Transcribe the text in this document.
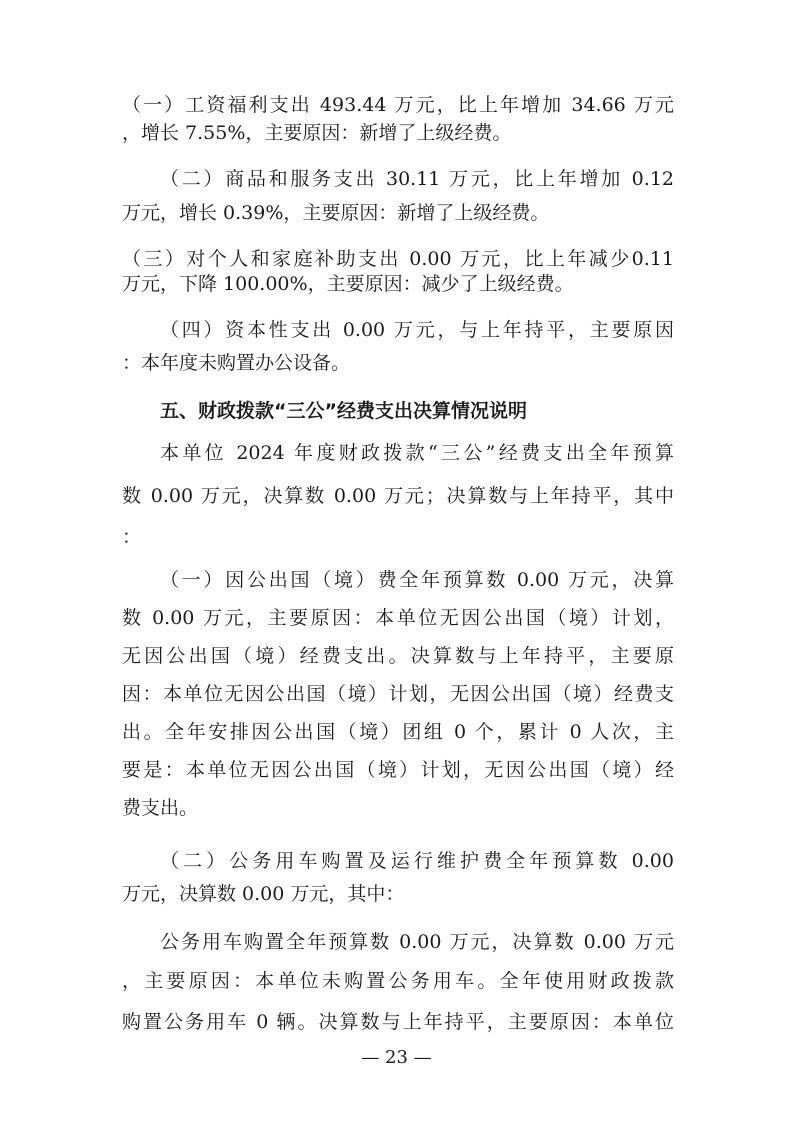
（一）工资福利支出 493.44 万元，比上年增加 34.66 万元
，增长 7.55%，主要原因：新增了上级经费。
（二）商品和服务支出 30.11 万元，比上年增加 0.12
万元，增长 0.39%，主要原因：新增了上级经费。
（三）对个人和家庭补助支出 0.00 万元，比上年减少0.11
万元，下降 100.00%，主要原因：减少了上级经费。
（四）资本性支出 0.00 万元，与上年持平，主要原因
：本年度未购置办公设备。
五、财政拨款“三公”经费支出决算情况说明
本单位 2024 年度财政拨款“三公”经费支出全年预算
数 0.00 万元，决算数 0.00 万元；决算数与上年持平，其中
：
（一）因公出国（境）费全年预算数 0.00 万元，决算
数 0.00 万元，主要原因：本单位无因公出国（境）计划，
无因公出国（境）经费支出。决算数与上年持平，主要原
因：本单位无因公出国（境）计划，无因公出国（境）经费支
出。全年安排因公出国（境）团组 0 个，累计 0 人次，主
要是：本单位无因公出国（境）计划，无因公出国（境）经
费支出。
（二）公务用车购置及运行维护费全年预算数 0.00
万元，决算数 0.00 万元，其中：
公务用车购置全年预算数 0.00 万元，决算数 0.00 万元
，主要原因：本单位未购置公务用车。全年使用财政拨款
购置公务用车 0 辆。决算数与上年持平，主要原因：本单位
— 23 —
